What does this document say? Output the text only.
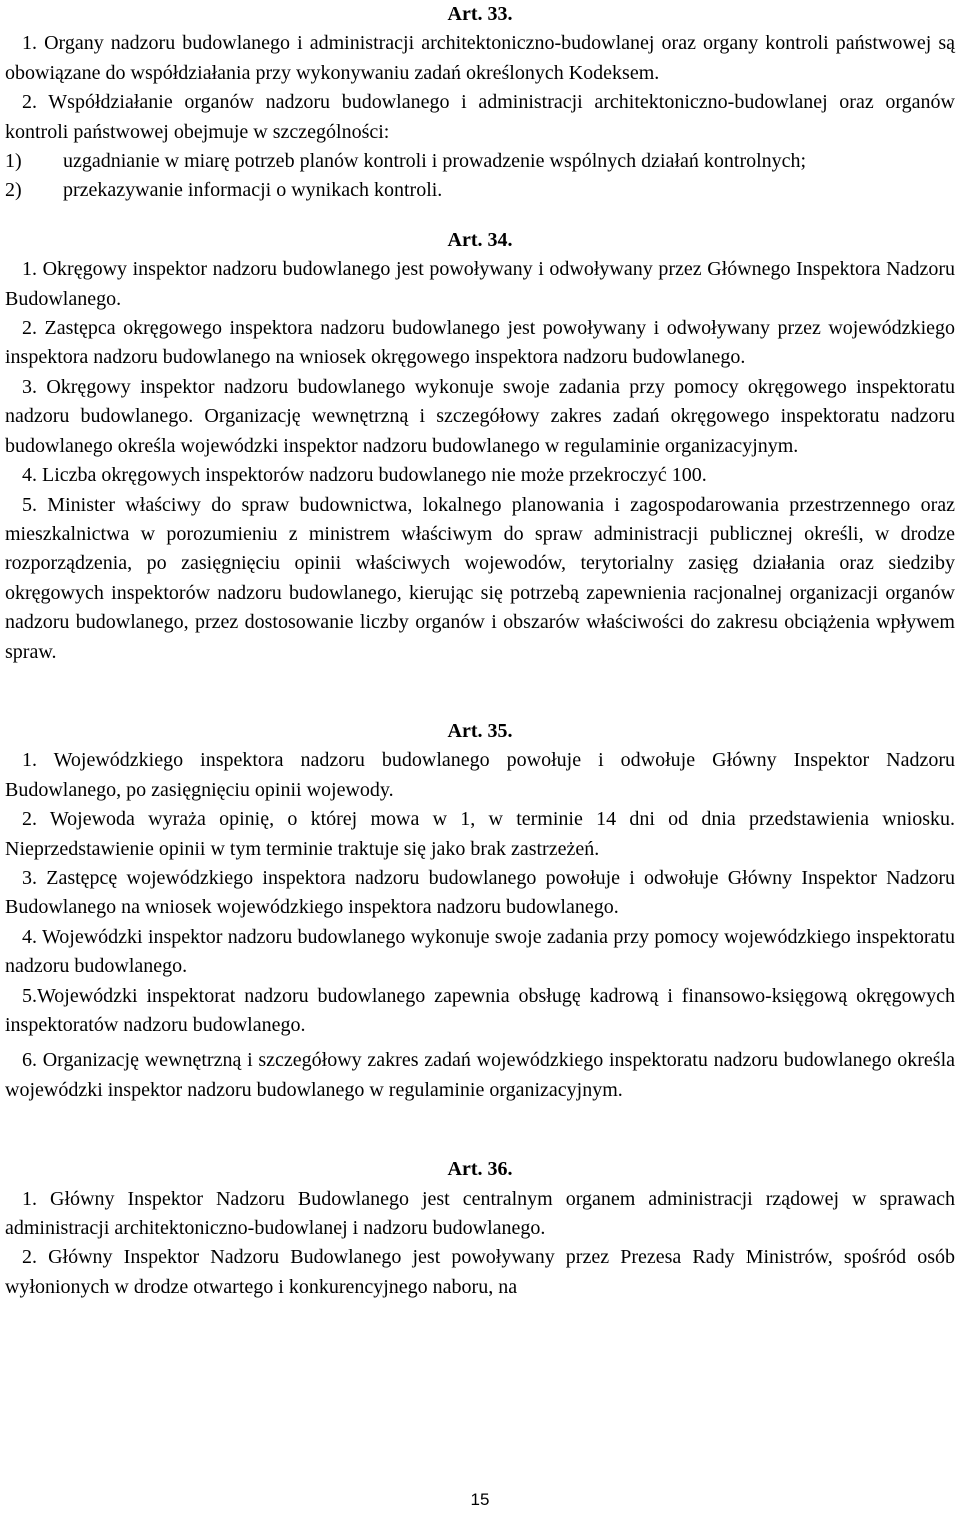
Art. 33.

1. Organy nadzoru budowlanego i administracji architektoniczno-budowlanej oraz organy kontroli państwowej są obowiązane do współdziałania przy wykonywaniu zadań określonych Kodeksem.

2. Współdziałanie organów nadzoru budowlanego i administracji architektoniczno-budowlanej oraz organów kontroli państwowej obejmuje w szczególności:

1) uzgadnianie w miarę potrzeb planów kontroli i prowadzenie wspólnych działań kontrolnych;
2) przekazywanie informacji o wynikach kontroli.

Art. 34.

1. Okręgowy inspektor nadzoru budowlanego jest powoływany i odwoływany przez Głównego Inspektora Nadzoru Budowlanego.

2. Zastępca okręgowego inspektora nadzoru budowlanego jest powoływany i odwoływany przez wojewódzkiego inspektora nadzoru budowlanego na wniosek okręgowego inspektora nadzoru budowlanego.

3. Okręgowy inspektor nadzoru budowlanego wykonuje swoje zadania przy pomocy okręgowego inspektoratu nadzoru budowlanego. Organizację wewnętrzną i szczegółowy zakres zadań okręgowego inspektoratu nadzoru budowlanego określa wojewódzki inspektor nadzoru budowlanego w regulaminie organizacyjnym.

4. Liczba okręgowych inspektorów nadzoru budowlanego nie może przekroczyć 100.

5. Minister właściwy do spraw budownictwa, lokalnego planowania i zagospodarowania przestrzennego oraz mieszkalnictwa w porozumieniu z ministrem właściwym do spraw administracji publicznej określi, w drodze rozporządzenia, po zasięgnięciu opinii właściwych wojewodów, terytorialny zasięg działania oraz siedziby okręgowych inspektorów nadzoru budowlanego, kierując się potrzebą zapewnienia racjonalnej organizacji organów nadzoru budowlanego, przez dostosowanie liczby organów i obszarów właściwości do zakresu obciążenia wpływem spraw.

Art. 35.

1. Wojewódzkiego inspektora nadzoru budowlanego powołuje i odwołuje Główny Inspektor Nadzoru Budowlanego, po zasięgnięciu opinii wojewody.

2. Wojewoda wyraża opinię, o której mowa w 1, w terminie 14 dni od dnia przedstawienia wniosku. Nieprzedstawienie opinii w tym terminie traktuje się jako brak zastrzeżeń.

3. Zastępcę wojewódzkiego inspektora nadzoru budowlanego powołuje i odwołuje Główny Inspektor Nadzoru Budowlanego na wniosek wojewódzkiego inspektora nadzoru budowlanego.

4. Wojewódzki inspektor nadzoru budowlanego wykonuje swoje zadania przy pomocy wojewódzkiego inspektoratu nadzoru budowlanego.

5.Wojewódzki inspektorat nadzoru budowlanego zapewnia obsługę kadrową i finansowo-księgową okręgowych inspektoratów nadzoru budowlanego.

6. Organizację wewnętrzną i szczegółowy zakres zadań wojewódzkiego inspektoratu nadzoru budowlanego określa wojewódzki inspektor nadzoru budowlanego w regulaminie organizacyjnym.

Art. 36.

1. Główny Inspektor Nadzoru Budowlanego jest centralnym organem administracji rządowej w sprawach administracji architektoniczno-budowlanej i nadzoru budowlanego.

2. Główny Inspektor Nadzoru Budowlanego jest powoływany przez Prezesa Rady Ministrów, spośród osób wyłonionych w drodze otwartego i konkurencyjnego naboru, na

15
